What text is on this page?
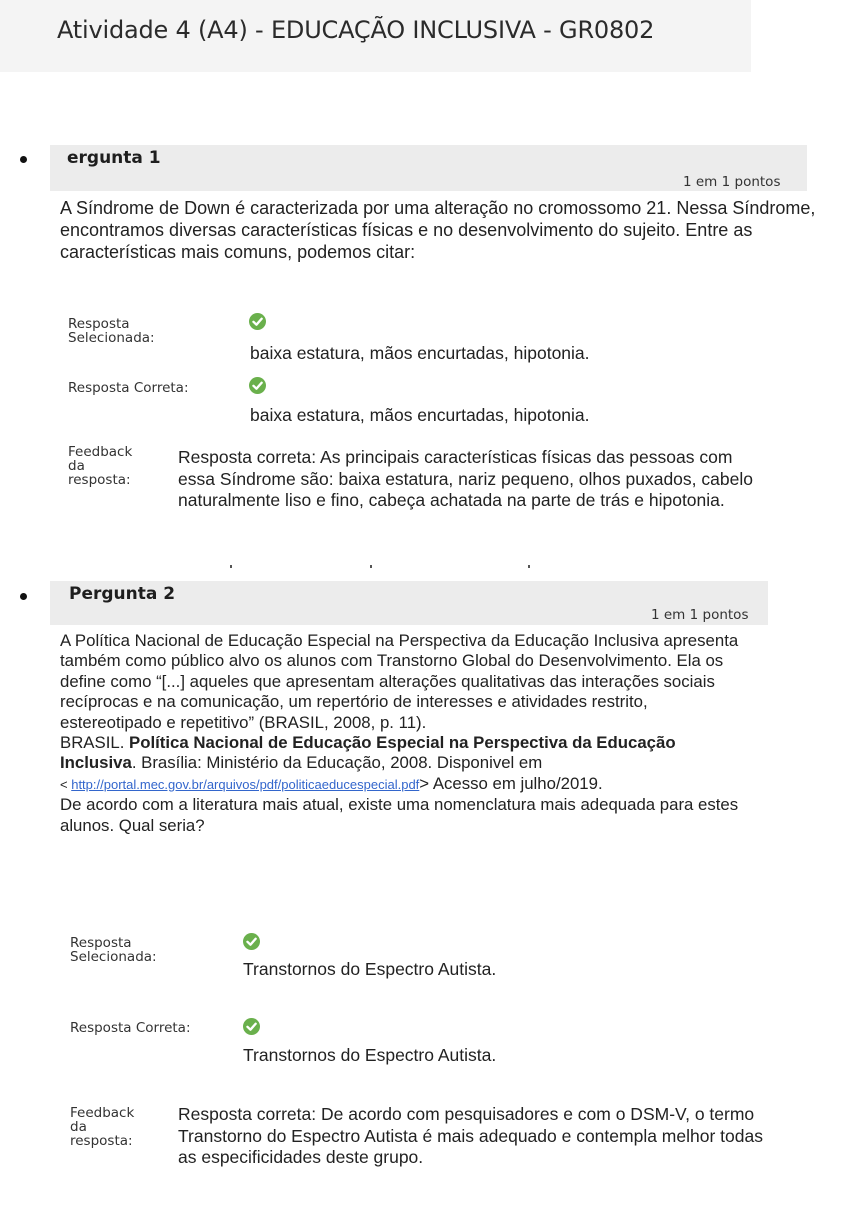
Atividade 4 (A4) - EDUCAÇÃO INCLUSIVA - GR0802
ergunta 1
1 em 1 pontos

A Síndrome de Down é caracterizada por uma alteração no cromossomo 21. Nessa Síndrome, encontramos diversas características físicas e no desenvolvimento do sujeito. Entre as características mais comuns, podemos citar:

Resposta Selecionada:
baixa estatura, mãos encurtadas, hipotonia.
Resposta Correta:
baixa estatura, mãos encurtadas, hipotonia.
Feedback da resposta:
Resposta correta: As principais características físicas das pessoas com essa Síndrome são: baixa estatura, nariz pequeno, olhos puxados, cabelo naturalmente liso e fino, cabeça achatada na parte de trás e hipotonia.
Pergunta 2
1 em 1 pontos

A Política Nacional de Educação Especial na Perspectiva da Educação Inclusiva apresenta também como público alvo os alunos com Transtorno Global do Desenvolvimento. Ela os define como “[...] aqueles que apresentam alterações qualitativas das interações sociais recíprocas e na comunicação, um repertório de interesses e atividades restrito, estereotipado e repetitivo” (BRASIL, 2008, p. 11).

BRASIL. Política Nacional de Educação Especial na Perspectiva da Educação Inclusiva. Brasília: Ministério da Educação, 2008. Disponivel em
< http://portal.mec.gov.br/arquivos/pdf/politicaeducespecial.pdf> Acesso em julho/2019.

De acordo com a literatura mais atual, existe uma nomenclatura mais adequada para estes alunos. Qual seria?

Resposta Selecionada:
Transtornos do Espectro Autista.
Resposta Correta:
Transtornos do Espectro Autista.
Feedback da resposta:
Resposta correta: De acordo com pesquisadores e com o DSM-V, o termo Transtorno do Espectro Autista é mais adequado e contempla melhor todas as especificidades deste grupo.
